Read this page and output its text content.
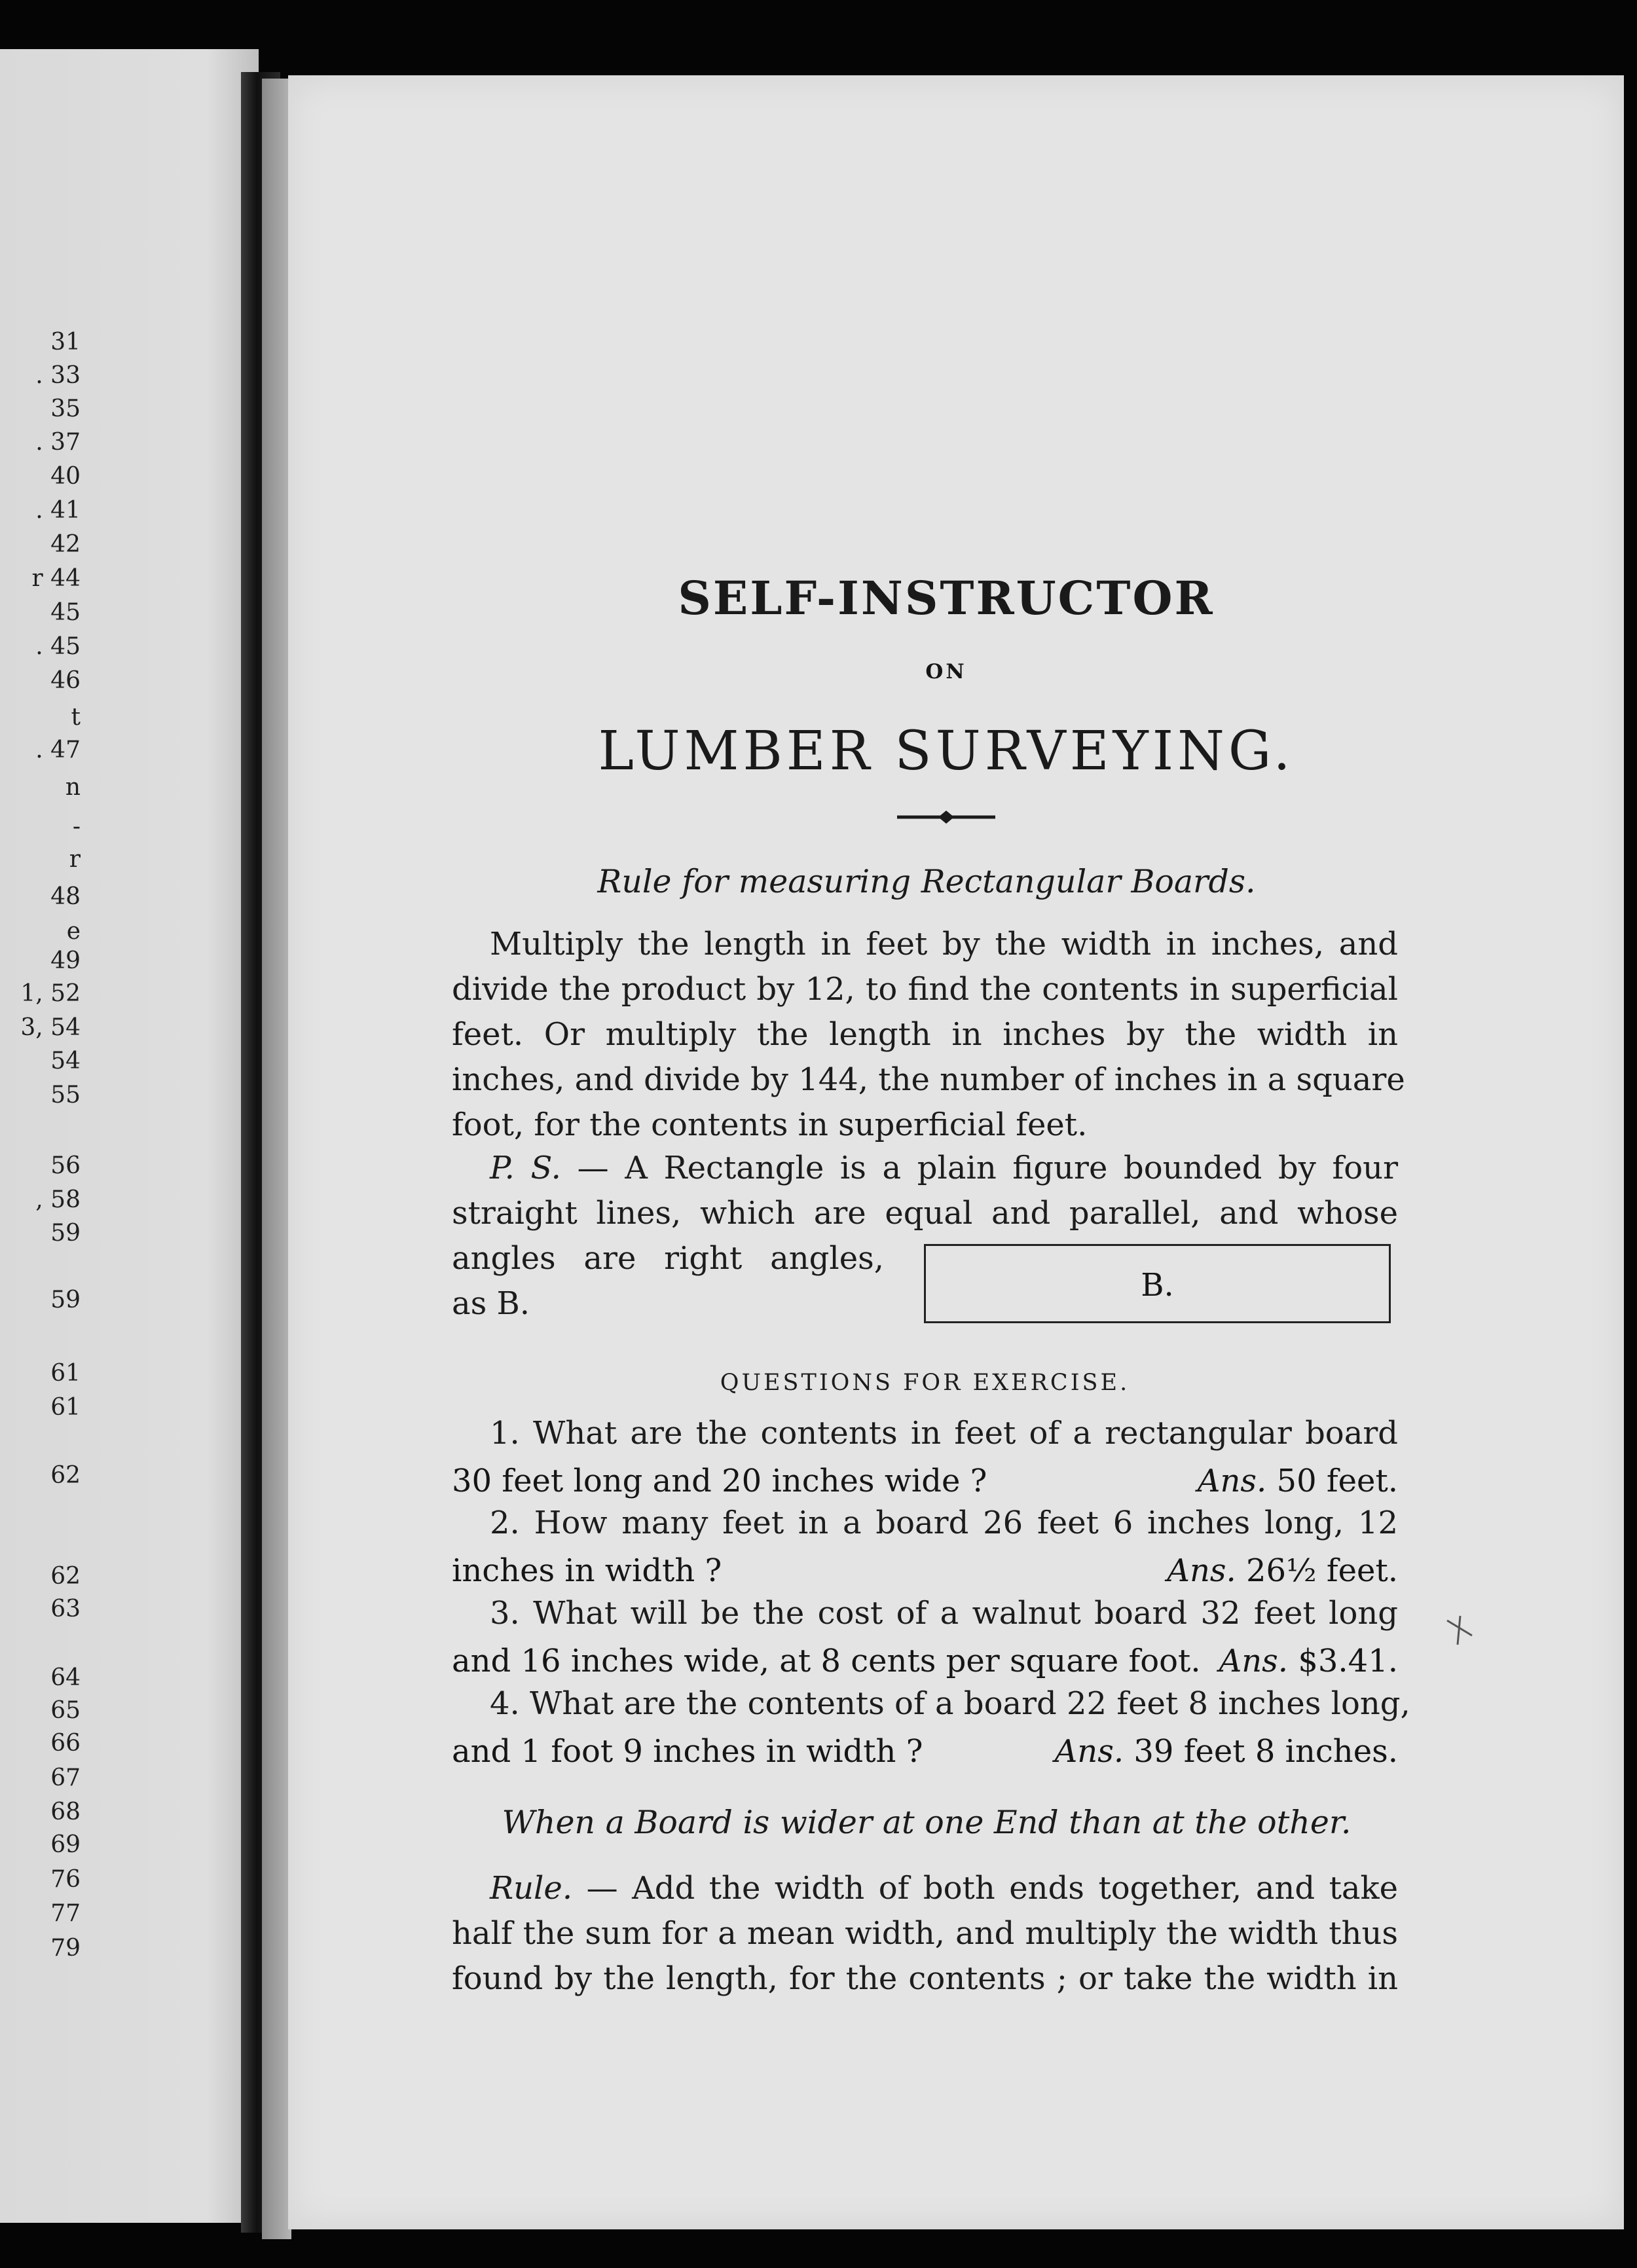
31
. 33
35
. 37
40
. 41
42
r 44
45
. 45
46
t
. 47
n
-
r
48
e
49
1, 52
3, 54
54
55
56
, 58
59
59
61
61
62
62
63
64
65
66
67
68
69
76
77
79
SELF-INSTRUCTOR
ON
LUMBER SURVEYING.
Rule for measuring Rectangular Boards.
Multiply the length in feet by the width in inches, and
divide the product by 12, to find the contents in superficial
feet. Or multiply the length in inches by the width in
inches, and divide by 144, the number of inches in a square
foot, for the contents in superficial feet.
P. S. — A Rectangle is a plain figure bounded by four
straight lines, which are equal and parallel, and whose
angles are right angles,
as B.	B.
QUESTIONS FOR EXERCISE.
1. What are the contents in feet of a rectangular board
30 feet long and 20 inches wide ?	Ans. 50 feet.
2. How many feet in a board 26 feet 6 inches long, 12
inches in width ?	Ans. 26½ feet.
3. What will be the cost of a walnut board 32 feet long
and 16 inches wide, at 8 cents per square foot. Ans. $3.41.
4. What are the contents of a board 22 feet 8 inches long,
and 1 foot 9 inches in width ?	Ans. 39 feet 8 inches.
When a Board is wider at one End than at the other.
Rule. — Add the width of both ends together, and take
half the sum for a mean width, and multiply the width thus
found by the length, for the contents ; or take the width in
